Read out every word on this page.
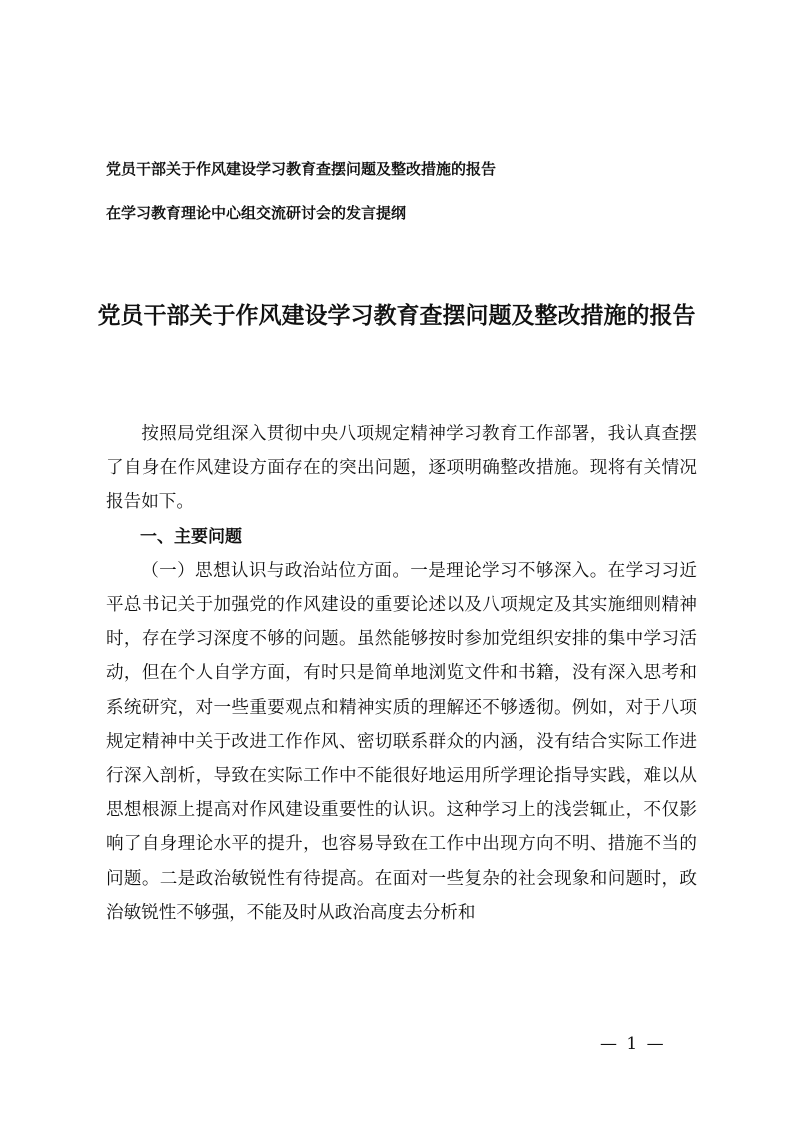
党员干部关于作风建设学习教育查摆问题及整改措施的报告
在学习教育理论中心组交流研讨会的发言提纲
党员干部关于作风建设学习教育查摆问题及整改措施的报告

按照局党组深入贯彻中央八项规定精神学习教育工作部署，我认真查摆了自身在作风建设方面存在的突出问题，逐项明确整改措施。现将有关情况报告如下。

一、主要问题

（一）思想认识与政治站位方面。一是理论学习不够深入。在学习习近平总书记关于加强党的作风建设的重要论述以及八项规定及其实施细则精神时，存在学习深度不够的问题。虽然能够按时参加党组织安排的集中学习活动，但在个人自学方面，有时只是简单地浏览文件和书籍，没有深入思考和系统研究，对一些重要观点和精神实质的理解还不够透彻。例如，对于八项规定精神中关于改进工作作风、密切联系群众的内涵，没有结合实际工作进行深入剖析，导致在实际工作中不能很好地运用所学理论指导实践，难以从思想根源上提高对作风建设重要性的认识。这种学习上的浅尝辄止，不仅影响了自身理论水平的提升，也容易导致在工作中出现方向不明、措施不当的问题。二是政治敏锐性有待提高。在面对一些复杂的社会现象和问题时，政治敏锐性不够强，不能及时从政治高度去分析和

— 1 —
